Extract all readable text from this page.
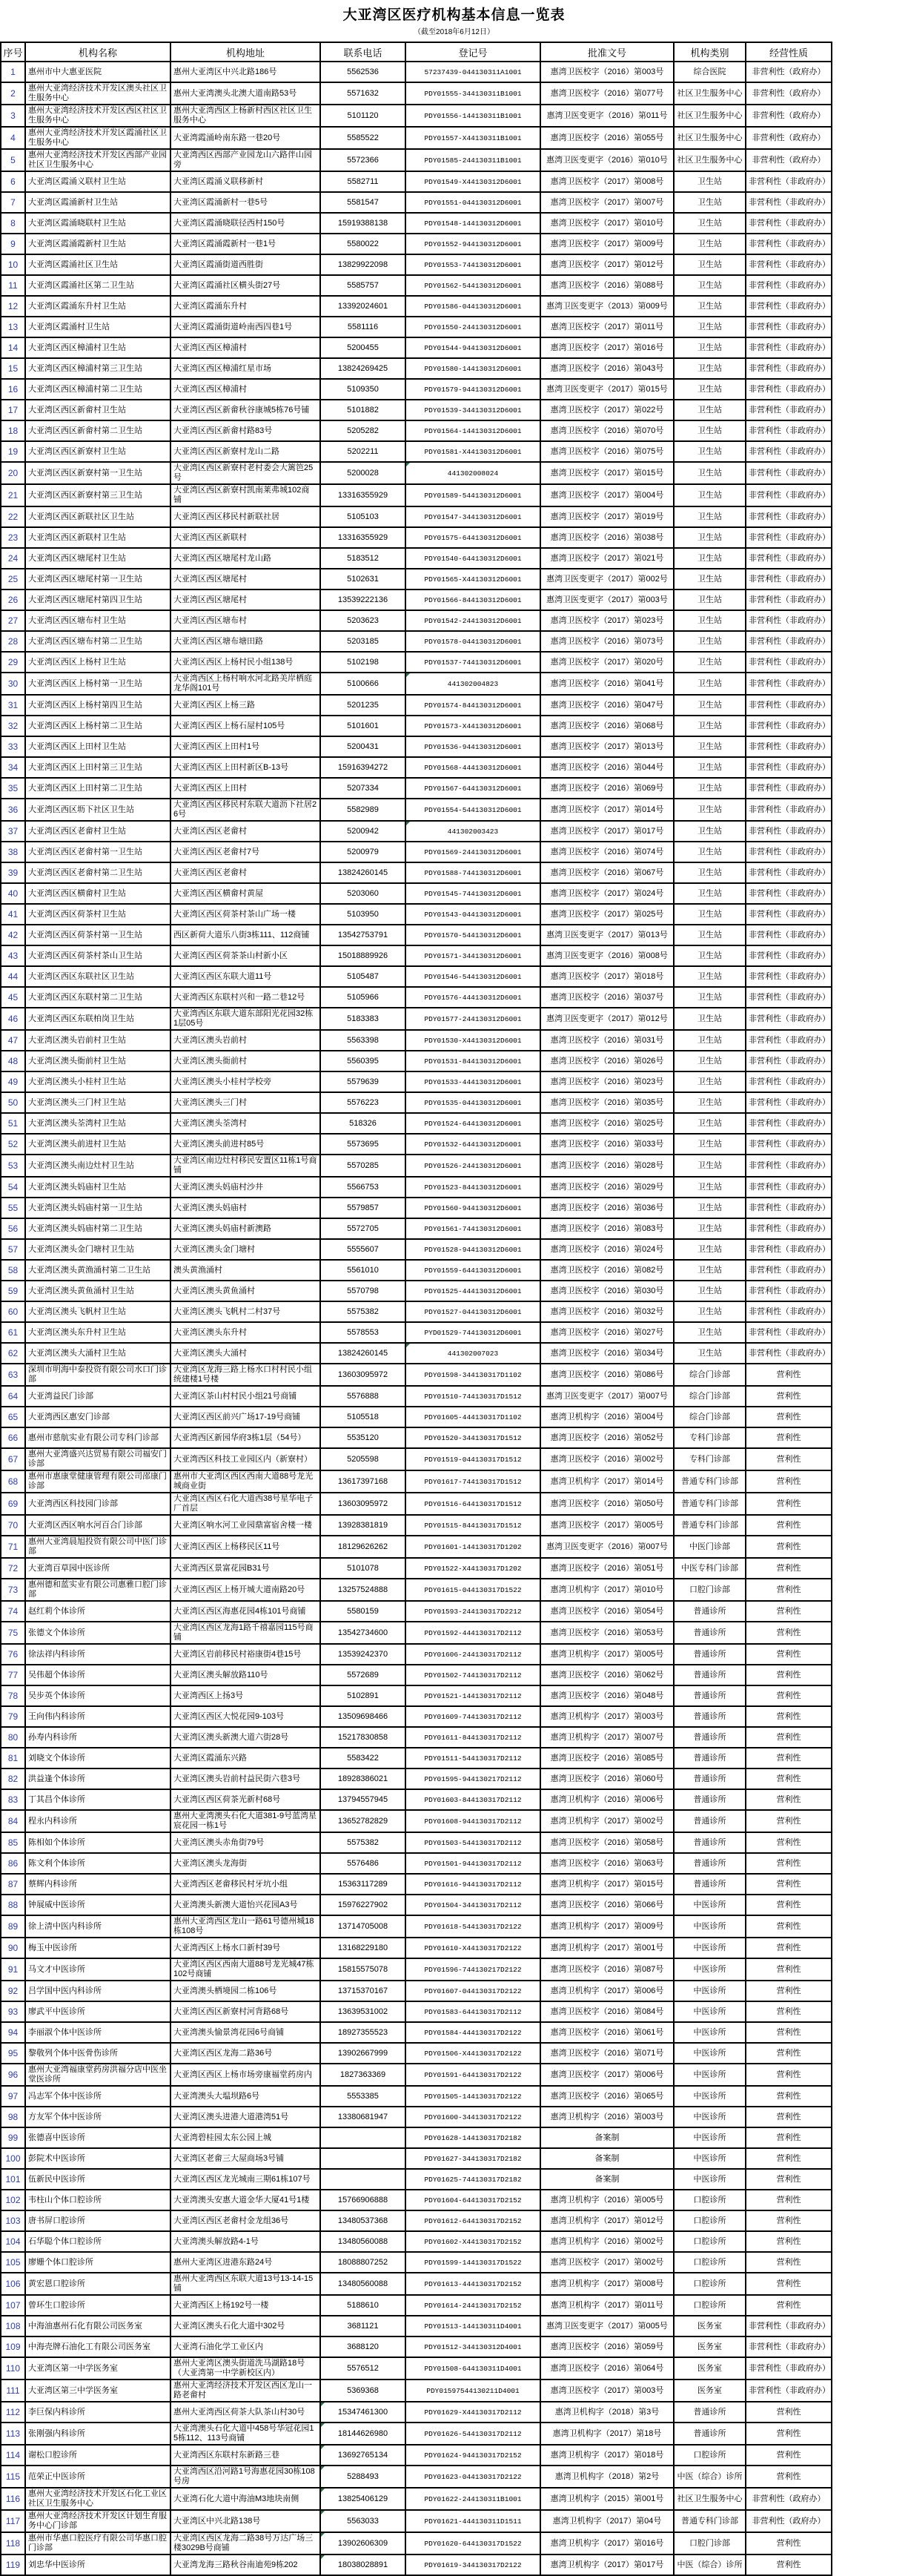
大亚湾区医疗机构基本信息一览表
（截至2018年6月12日）
序号	机构名称	机构地址	联系电话	登记号	批准文号	机构类别	经营性质
1	惠州市中大惠亚医院	惠州大亚湾区中兴北路186号	5562536	57237439-044130311A1001	惠湾卫医校字（2016）第003号	综合医院	非营利性（政府办）
2	惠州大亚湾经济技术开发区澳头社区卫生服务中心	惠州大亚湾澳头北澳大道南路53号	5571632	PDY01555-344130311B1001	惠湾卫医校字（2016）第077号	社区卫生服务中心	非营利性（政府办）
3	惠州大亚湾经济技术开发区西区社区卫生服务中心	惠州大亚湾西区上杨新村西区社区卫生服务中心	5101120	PDY01556-144130311B1001	惠湾卫医变更字（2016）第011号	社区卫生服务中心	非营利性（政府办）
4	惠州大亚湾经济技术开发区霞涌社区卫生服务中心	大亚湾霞涌岭南东路一巷20号	5585522	PDY01557-X44130311B1001	惠湾卫医校字（2016）第055号	社区卫生服务中心	非营利性（政府办）
5	惠州大亚湾经济技术开发区西部产业园社区卫生服务中心	大亚湾西区西部产业园龙山六路伴山园旁	5572366	PDY01585-244130311B1001	惠湾卫医变更字（2016）第010号	社区卫生服务中心	非营利性（政府办）
6	大亚湾区霞涌义联村卫生站	大亚湾区霞涌义联移新村	5582711	PDY01549-X44130312D6001	惠湾卫医校字（2017）第008号	卫生站	非营利性（非政府办）
7	大亚湾区霞涌新村卫生站	大亚湾区霞涌新村一巷5号	5581547	PDY01551-044130312D6001	惠湾卫医校字（2017）第007号	卫生站	非营利性（非政府办）
8	大亚湾区霞涌晓联村卫生站	大亚湾区霞涌晓联径西村150号	15919388138	PDY01548-144130312D6001	惠湾卫医校字（2017）第010号	卫生站	非营利性（非政府办）
9	大亚湾区霞涌霞新村卫生站	大亚湾区霞涌霞新村一巷1号	5580022	PDY01552-944130312D6001	惠湾卫医校字（2017）第009号	卫生站	非营利性（非政府办）
10	大亚湾区霞涌社区卫生站	大亚湾区霞涌街道西胜街	13829922098	PDY01553-744130312D6001	惠湾卫医校字（2017）第012号	卫生站	非营利性（非政府办）
11	大亚湾区霞涌社区第二卫生站	大亚湾区霞涌社区横头街27号	5585757	PDY01562-544130312D6001	惠湾卫医校字（2016）第088号	卫生站	非营利性（非政府办）
12	大亚湾区霞涌东升村卫生站	大亚湾区霞涌东升村	13392024601	PDY01586-044130312D6001	惠湾卫医变更字（2013）第009号	卫生站	非营利性（非政府办）
13	大亚湾区霞涌村卫生站	大亚湾区霞涌街道岭南西四巷1号	5581116	PDY01550-244130312D6001	惠湾卫医校字（2017）第011号	卫生站	非营利性（非政府办）
14	大亚湾区西区樟浦村卫生站	大亚湾区西区樟浦村	5200455	PDY01544-944130312D6001	惠湾卫医校字（2017）第016号	卫生站	非营利性（非政府办）
15	大亚湾区西区樟浦村第三卫生站	大亚湾区西区樟浦红星市场	13824269425	PDY01580-144130312D6001	惠湾卫医校字（2016）第043号	卫生站	非营利性（非政府办）
16	大亚湾区西区樟浦村第二卫生站	大亚湾区西区樟浦村	5109350	PDY01579-944130312D6001	惠湾卫医变更字（2017）第015号	卫生站	非营利性（非政府办）
17	大亚湾区西区新畲村卫生站	大亚湾区西区新畲秋谷康城5栋76号铺	5101882	PDY01539-344130312D6001	惠湾卫医校字（2017）第022号	卫生站	非营利性（非政府办）
18	大亚湾区西区新畲村第二卫生站	大亚湾区西区新畲村路83号	5205282	PDY01564-144130312D6001	惠湾卫医校字（2016）第070号	卫生站	非营利性（非政府办）
19	大亚湾区西区新寮村卫生站	大亚湾区西区新寮村龙山二路	5202211	PDY01581-X44130312D6001	惠湾卫医校字（2016）第075号	卫生站	非营利性（非政府办）
20	大亚湾区西区新寮村第一卫生站	大亚湾区西区新寮村老村委会大篱笆25号	5200028	441302008024	惠湾卫医校字（2017）第015号	卫生站	非营利性（非政府办）
21	大亚湾区西区新寮村第三卫生站	大亚湾区西区新寮村凯南莱弗城102商铺	13316355929	PDY01589-544130312D6001	惠湾卫医校字（2017）第004号	卫生站	非营利性（非政府办）
22	大亚湾区西区新联社区卫生站	大亚湾区西区移民村新联社居	5105103	PDY01547-344130312D6001	惠湾卫医校字（2017）第019号	卫生站	非营利性（非政府办）
23	大亚湾区西区新联村卫生站	大亚湾区西区新联村	13316355929	PDY01575-644130312D6001	惠湾卫医校字（2016）第038号	卫生站	非营利性（非政府办）
24	大亚湾区西区塘尾村卫生站	大亚湾区西区塘尾村龙山路	5183512	PDY01540-644130312D6001	惠湾卫医校字（2017）第021号	卫生站	非营利性（非政府办）
25	大亚湾区西区塘尾村第一卫生站	大亚湾区西区塘尾村	5102631	PDY01565-X44130312D6001	惠湾卫医变更字（2017）第002号	卫生站	非营利性（非政府办）
26	大亚湾区西区塘尾村第四卫生站	大亚湾区西区塘尾村	13539222136	PDY01566-844130312D6001	惠湾卫医变更字（2017）第003号	卫生站	非营利性（非政府办）
27	大亚湾区西区塘布村卫生站	大亚湾区西区塘布村	5203623	PDY01542-244130312D6001	惠湾卫医校字（2017）第023号	卫生站	非营利性（非政府办）
28	大亚湾区西区塘布村第二卫生站	大亚湾区西区塘布塘田路	5203185	PDY01578-044130312D6001	惠湾卫医校字（2016）第073号	卫生站	非营利性（非政府办）
29	大亚湾区西区上杨村卫生站	大亚湾区西区上杨村民小组138号	5102198	PDY01537-744130312D6001	惠湾卫医校字（2017）第020号	卫生站	非营利性（非政府办）
30	大亚湾区西区上杨村第一卫生站	大亚湾西区上杨村响水河北路美岸栖庭龙华阁101号	5100666	441302004823	惠湾卫医校字（2016）第041号	卫生站	非营利性（非政府办）
31	大亚湾区西区上杨村第四卫生站	大亚湾区西区上杨三路	5201235	PDY01574-844130312D6001	惠湾卫医校字（2016）第047号	卫生站	非营利性（非政府办）
32	大亚湾区西区上杨村第二卫生站	大亚湾区西区上杨石屋村105号	5101601	PDY01573-X44130312D6001	惠湾卫医校字（2016）第068号	卫生站	非营利性（非政府办）
33	大亚湾区西区上田村卫生站	大亚湾区西区上田村1号	5200431	PDY01536-944130312D6001	惠湾卫医校字（2017）第013号	卫生站	非营利性（非政府办）
34	大亚湾区西区上田村第三卫生站	大亚湾区西区上田村新区B-13号	15916394272	PDY01568-444130312D6001	惠湾卫医校字（2016）第044号	卫生站	非营利性（非政府办）
35	大亚湾区西区上田村第二卫生站	大亚湾区西区上田村	5207334	PDY01567-644130312D6001	惠湾卫医校字（2016）第069号	卫生站	非营利性（非政府办）
36	大亚湾区西区坜下社区卫生站	大亚湾区西区移民村东联大道沥下社居26号	5582989	PDY01554-544130312D6001	惠湾卫医校字（2017）第014号	卫生站	非营利性（非政府办）
37	大亚湾区西区老畲村卫生站	大亚湾区西区老畲村	5200942	441302003423	惠湾卫医校字（2017）第017号	卫生站	非营利性（非政府办）
38	大亚湾区西区老畲村第一卫生站	大亚湾区西区老畲村7号	5200979	PDY01569-244130312D6001	惠湾卫医校字（2016）第074号	卫生站	非营利性（非政府办）
39	大亚湾区西区老畲村第二卫生站	大亚湾区西区老畲村	13824260145	PDY01588-744130312D6001	惠湾卫医校字（2016）第067号	卫生站	非营利性（非政府办）
40	大亚湾区西区横畲村卫生站	大亚湾区西区横畲村黄屋	5203060	PDY01545-744130312D6001	惠湾卫医校字（2017）第024号	卫生站	非营利性（非政府办）
41	大亚湾区西区荷茶村卫生站	大亚湾区西区荷茶村茶山广场一楼	5103950	PDY01543-044130312D6001	惠湾卫医校字（2017）第025号	卫生站	非营利性（非政府办）
42	大亚湾区西区荷茶村第一卫生站	西区新荷大道乐八街3栋111、112商铺	13542753791	PDY01570-544130312D6001	惠湾卫医变更字（2017）第013号	卫生站	非营利性（非政府办）
43	大亚湾区西区荷茶村茶山卫生站	大亚湾区西区荷茶茶山村新小区	15018889926	PDY01571-344130312D6001	惠湾卫医变更字（2016）第008号	卫生站	非营利性（非政府办）
44	大亚湾区西区东联社区卫生站	大亚湾区西区东联大道11号	5105487	PDY01546-544130312D6001	惠湾卫医校字（2017）第018号	卫生站	非营利性（非政府办）
45	大亚湾区西区东联村第二卫生站	大亚湾西区东联村兴和一路二巷12号	5105966	PDY01576-444130312D6001	惠湾卫医校字（2016）第037号	卫生站	非营利性（非政府办）
46	大亚湾区西区东联柏岗卫生站	大亚湾西区东联大道东部阳光花园32栋1层05号	5183383	PDY01577-244130312D6001	惠湾卫医变更字（2017）第012号	卫生站	非营利性（非政府办）
47	大亚湾区澳头岩前村卫生站	大亚湾区澳头岩前村	5563398	PDY01530-X44130312D6001	惠湾卫医校字（2016）第031号	卫生站	非营利性（非政府办）
48	大亚湾区澳头衙前村卫生站	大亚湾区澳头衙前村	5560395	PDY01531-844130312D6001	惠湾卫医校字（2016）第026号	卫生站	非营利性（非政府办）
49	大亚湾区澳头小桂村卫生站	大亚湾区澳头小桂村学校旁	5579639	PDY01533-444130312D6001	惠湾卫医校字（2016）第023号	卫生站	非营利性（非政府办）
50	大亚湾区澳头三门村卫生站	大亚湾区澳头三门村	5576223	PDY01535-044130312D6001	惠湾卫医校字（2016）第035号	卫生站	非营利性（非政府办）
51	大亚湾区澳头荃湾村卫生站	大亚湾区澳头荃湾村	518326	PDY01524-644130312D6001	惠湾卫医校字（2016）第025号	卫生站	非营利性（非政府办）
52	大亚湾区澳头前进村卫生站	大亚湾区澳头前进村85号	5573695	PDY01532-644130312D6001	惠湾卫医校字（2016）第033号	卫生站	非营利性（非政府办）
53	大亚湾区澳头南边灶村卫生站	大亚湾区南边灶村移民安置区11栋1号商铺	5570285	PDY01526-244130312D6001	惠湾卫医校字（2016）第028号	卫生站	非营利性（非政府办）
54	大亚湾区澳头妈庙村卫生站	大亚湾区澳头妈庙村沙井	5566753	PDY01523-844130312D6001	惠湾卫医校字（2016）第029号	卫生站	非营利性（非政府办）
55	大亚湾区澳头妈庙村第一卫生站	大亚湾区澳头妈庙村	5579857	PDY01560-944130312D6001	惠湾卫医校字（2016）第036号	卫生站	非营利性（非政府办）
56	大亚湾区澳头妈庙村第二卫生站	大亚湾区澳头妈庙村新澳路	5572705	PDY01561-744130312D6001	惠湾卫医校字（2016）第083号	卫生站	非营利性（非政府办）
57	大亚湾区澳头金门塘村卫生站	大亚湾区澳头金门塘村	5555607	PDY01528-944130312D6001	惠湾卫医校字（2016）第024号	卫生站	非营利性（非政府办）
58	大亚湾区澳头黄渔涌村第二卫生站	澳头黄渔涌村	5561010	PDY01559-644130312D6001	惠湾卫医校字（2016）第082号	卫生站	非营利性（非政府办）
59	大亚湾区澳头黄鱼涌村卫生站	大亚湾区澳头黄鱼涌村	5570798	PDY01525-444130312D6001	惠湾卫医校字（2016）第030号	卫生站	非营利性（非政府办）
60	大亚湾区澳头飞帆村卫生站	大亚湾区澳头飞帆村二村37号	5575382	PDY01527-044130312D6001	惠湾卫医校字（2016）第032号	卫生站	非营利性（非政府办）
61	大亚湾区澳头东升村卫生站	大亚湾区澳头东升村	5578553	PYD01529-744130312D6001	惠湾卫医校字（2016）第027号	卫生站	非营利性（非政府办）
62	大亚湾区澳头大涌村卫生站	大亚湾区澳头大涌村	13824260145	441302007023	惠湾卫医校字（2016）第034号	卫生站	非营利性（非政府办）
63	深圳市明海中泰投资有限公司水口门诊部	大亚湾区龙海三路上杨水口村村民小组统建楼1号楼	13603095972	PDY01598-344130317D1102	惠湾卫医校字（2016）第086号	综合门诊部	营利性
64	大亚湾益民门诊部	大亚湾区茶山村村民小组21号商铺	5576888	PDY01510-744130317D1512	惠湾卫医变更字（2017）第007号	综合门诊部	营利性
65	大亚湾西区惠安门诊部	大亚湾区西区前兴广场17-19号商铺	5105518	PDY01605-444130317D1102	惠湾卫机构字（2016）第004号	综合门诊部	营利性
66	惠州市慈航实业有限公司专科门诊部	大亚湾西区新园华府3栋1层（54号）	5535120	PDY01520-344130317D1512	惠湾卫医校字（2016）第052号	专科门诊部	营利性
67	惠州大亚湾盛兴达贸易有限公司福安门诊部	大亚湾西区科技工业园区内（新寮村）	5205598	PDY01519-044130317D1512	惠湾卫医校字（2016）第002号	专科门诊部	营利性
68	惠州市惠康堂健康管理有限公司邵康门诊部	惠州市大亚湾区西区西南大道88号龙光城商业街	13617397168	PDY01617-744130317D1512	惠湾卫机构字（2017）第014号	普通专科门诊部	营利性
69	大亚湾西区科技园门诊部	大亚湾区西区石化大道西38号星华电子厂首层	13603095972	PDY01516-644130317D1512	惠湾卫医校字（2016）第050号	普通专科门诊部	营利性
70	大亚湾区西区响水河百合门诊部	大亚湾区响水河工业园鼎富宿舍楼一楼	13928381819	PDY01515-844130317D1512	惠湾卫医校字（2017）第005号	普通专科门诊部	营利性
71	惠州大亚湾晨旭投资有限公司中医门诊部	大亚湾区西区上杨移民区11号	18129626262	PDY01601-144130317D1202	惠湾卫医变更字（2016）第007号	中医门诊部	营利性
72	大亚湾百草园中医诊所	大亚湾西区景富花园B31号	5101078	PDY01522-X44130317D1202	惠湾卫医校字（2016）第051号	中医专科门诊部	营利性
73	惠州德和蓝实业有限公司惠雅口腔门诊部	大亚湾区西区上杨开城大道南路20号	13257524888	PDY01615-044130317D1522	惠湾卫机构字（2017）第010号	口腔门诊部	营利性
74	赵红莉个体诊所	大亚湾区西区海惠花园4栋101号商铺	5580159	PDY01593-244130317D2212	惠湾卫医校字（2016）第054号	普通诊所	营利性
75	张德文个体诊所	大亚湾区西区龙海1路千禧嘉园115号商铺	13542734600	PDY01592-444130317D2112	惠湾卫医校字（2016）第053号	普通诊所	营利性
76	徐法祥内科诊所	大亚湾区岩前移民村裕康街4巷15号	13539242370	PDY01606-244130317D2112	惠湾卫机构字（2017）第005号	普通诊所	营利性
77	吴伟超个体诊所	大亚湾区澳头解放路110号	5572689	PDY01502-744130317D2112	惠湾卫医校字（2016）第062号	普通诊所	营利性
78	吴步英个体诊所	大亚湾西区上扬3号	5102891	PDY01521-144130317D2112	惠湾卫医校字（2016）第048号	普通诊所	营利性
79	王向伟内科诊所	大亚湾区西区大悦花园9-103号	13509698466	PDY01609-744130317D2112	惠湾卫机构字（2017）第003号	普通诊所	营利性
80	孙寿内科诊所	大亚湾区澳头新澳大道六街28号	15217830858	PDY01611-844130317D2112	惠湾卫机构字（2017）第007号	普通诊所	营利性
81	刘晓文个体诊所	大亚湾区霞涌东兴路	5583422	PDY01511-544130317D2112	惠湾卫医校字（2016）第085号	普通诊所	营利性
82	洪益逢个体诊所	大亚湾区澳头岩前村益民街六巷3号	18928386021	PDY01595-944130217D2112	惠湾卫医校字（2016）第060号	普通诊所	营利性
83	丁其昌个体诊所	大亚湾区西区荷茶光新村68号	13794557945	PDY01603-844130317D2112	惠湾卫机构字（2016）第006号	普通诊所	营利性
84	程永内科诊所	惠州大亚湾澳头石化大道381-9号蓝湾星宸花园一栋1号	13652782829	PDY01608-944130317D2112	惠湾卫机构字（2017）第002号	普通诊所	营利性
85	陈相如个体诊所	大亚湾区澳头赤角街79号	5575382	PDY01503-544130317D2112	惠湾卫医校字（2016）第058号	普通诊所	营利性
86	陈文利个体诊所	大亚湾区澳头龙海街	5576486	PDY01501-944130317D2112	惠湾卫医校字（2016）第063号	普通诊所	营利性
87	蔡辉内科诊所	大亚湾西区老畲移民村牙坑小组	15363117289	PDY01616-944130317D2112	惠湾卫机构字（2017）第015号	普通诊所	营利性
88	钟展威中医诊所	大亚湾澳头新澳大道怡兴花园A3号	15976227902	PDY01504-344130317D2112	惠湾卫医校字（2016）第066号	中医诊所	营利性
89	徐上清中医内科诊所	惠州大亚湾西区龙山一路61号德州城18栋108号	13714705008	PDY01618-544130317D2122	惠湾卫机构字（2017）第009号	中医诊所	营利性
90	梅玉中医诊所	大亚湾西区上杨水口新村39号	13168229180	PDY01610-X44130317D2122	惠湾卫机构字（2017）第001号	中医诊所	营利性
91	马文才中医诊所	大亚湾区西区西南大道88号龙光城47栋102号商铺	15815575078	PDY01596-744130217D2122	惠湾卫医校字（2016）第087号	中医诊所	营利性
92	吕学国中医内科诊所	大亚湾澳头栖境园二栋106号	13715370167	PDY01607-044130317D2122	惠湾卫机构字（2017）第006号	中医诊所	营利性
93	廖武平中医诊所	大亚湾区西区新寮村河背路68号	13639531002	PDY01583-644130317D2112	惠湾卫医校字（2016）第084号	中医诊所	营利性
94	李丽淑个体中医诊所	大亚湾澳头愉景湾花园6号商铺	18927355523	PDY01584-444130317D2122	惠湾卫医校字（2016）第061号	中医诊所	营利性
95	黎敬列个体中医骨伤诊所	大亚湾区西区龙海二路36号	13902667999	PDY01506-X44130317D2122	惠湾卫医校字（2016）第071号	中医诊所	营利性
96	惠州大亚湾福康堂药房洪福分店中医坐堂医诊所	大亚湾区西区上杨市场旁康福堂药房内	1827363369	PDY01591-644130317D2122	惠湾卫医校字（2017）第006号	中医诊所	营利性
97	冯志军个体中医诊所	大亚湾澳头大塭坝路6号	5553385	PDY01505-144130317D2122	惠湾卫医校字（2016）第065号	中医诊所	营利性
98	方友军个体中医诊所	大亚湾区澳头进港大道港湾51号	13380681947	PDY01600-344130317D2122	惠湾卫机构字（2016）第003号	中医诊所	营利性
99	张德喜中医诊所	大亚湾碧桂园太东公园上城		PDY01628-144130317D2182	备案制	中医诊所	营利性
100	彭院术中医诊所	大亚湾区老畲三大屋商场3号铺		PDY01627-344130317D2182	备案制	中医诊所	营利性
101	伍新民中医诊所	大亚湾区西区龙光城南三期61栋107号		PDY01625-744130317D2182	备案制	中医诊所	营利性
102	韦柱山个体口腔诊所	大亚湾澳头安惠大道金华大厦41号1楼	15766906888	PDY01604-644130317D2152	惠湾卫机构字（2016）第005号	口腔诊所	营利性
103	唐书屏口腔诊所	大亚湾区西区老畲村金龙组36号	13480537368	PDY01612-644130317D2152	惠湾卫机构字（2017）第012号	口腔诊所	营利性
104	石华聪个体口腔诊所	大亚湾澳头解放路4-1号	13480560088	PDY01602-X44130317D2152	惠湾卫机构字（2016）第002号	口腔诊所	营利性
105	廖姗个体口腔诊所	惠州大亚湾区进港东路24号	18088807252	PDY01599-144130317D1522	惠湾卫医校字（2017）第002号	口腔诊所	营利性
106	黄宏恩口腔诊所	惠州大亚湾西区东联大道13号13-14-15铺	13480560088	PDY01613-444130317D2152	惠湾卫机构字（2017）第008号	口腔诊所	营利性
107	曾环生口腔诊所	大亚湾西区上杨192号一楼	5188610	PDY01614-244130317D2152	惠湾卫机构字（2017）第011号	口腔诊所	营利性
108	中海油惠州石化有限公司医务室	大亚湾区澳头石化大道中302号	3681121	PDY01513-144130311D4001	惠湾卫医变更字（2017）第005号	医务室	非营利性（非政府办）
109	中海壳牌石油化工有限公司医务室	大亚湾石油化学工业区内	3688120	PDY01512-344130312D4001	惠湾卫医校字（2016）第059号	医务室	非营利性（非政府办）
110	大亚湾区第一中学医务室	惠州大亚湾区澳头街道洗马湖路18号（大亚湾第一中学新校区内）	5576512	PDY01508-644130311D4001	惠湾卫医校字（2016）第064号	医务室	非营利性（非政府办）
111	大亚湾区第三中学医务室	惠州大亚湾经济技术开发区西区龙山一路老畲村	5369368	PDY01597544130211D4001	惠湾卫医校字（2017）第003号	医务室	非营利性（非政府办）
112	李巨保内科诊所	惠州大亚湾西区荷茶大队茶山村30号	15347461300	PDY01629-X44130317D2112	惠湾卫机构字（2018）第3号	普通诊所	营利性
113	张刚强内科诊所	大亚湾澳头石化大道中458号华冠花园15栋112、113号商铺	18144626980	PDY01626-544130317D2112	惠湾卫机构字（2017）第18号	普通诊所	营利性
114	谢松口腔诊所	大亚湾西区东联村东新路三巷	13692765134	PDY01624-944130317D2152	惠湾卫机构字（2017）第018号	口腔诊所	营利性
115	范荣正中医诊所	大亚湾西区沿河路1号海惠花园30栋108号房	5288493	PDY01623-044130317D2122	惠湾卫机构字（2018）第2号	中医（综合）诊所	营利性
116	惠州大亚湾经济技术开发区石化工业区社区卫生服务中心	大亚湾石化大道中海油M3地块南侧	13825406129	PDY01622-244130311B1001	惠湾卫机构字（2015）第001号	社区卫生服务中心	非营利性（政府办）
117	惠州大亚湾经济技术开发区计划生育服务中心门诊部	大亚湾区中兴北路138号	5563033	PDY01621-444130311D1511	惠湾卫机构字（2017）第04号	普通专科门诊部	非营利性（政府办）
118	惠州市华惠口腔医疗有限公司华惠口腔门诊部	大亚湾区西区龙海二路38号万达广场三楼3029B号商铺	13902606309	PDY01620-644130317D1522	惠湾卫机构字（2017）第016号	口腔门诊部	营利性
119	刘忠华中医诊所	大亚湾龙海三路秋谷南迪苑9栋202	18038028891	PDY01619-344130317D2122	惠湾卫机构字（2017）第017号	中医（综合）诊所	营利性
